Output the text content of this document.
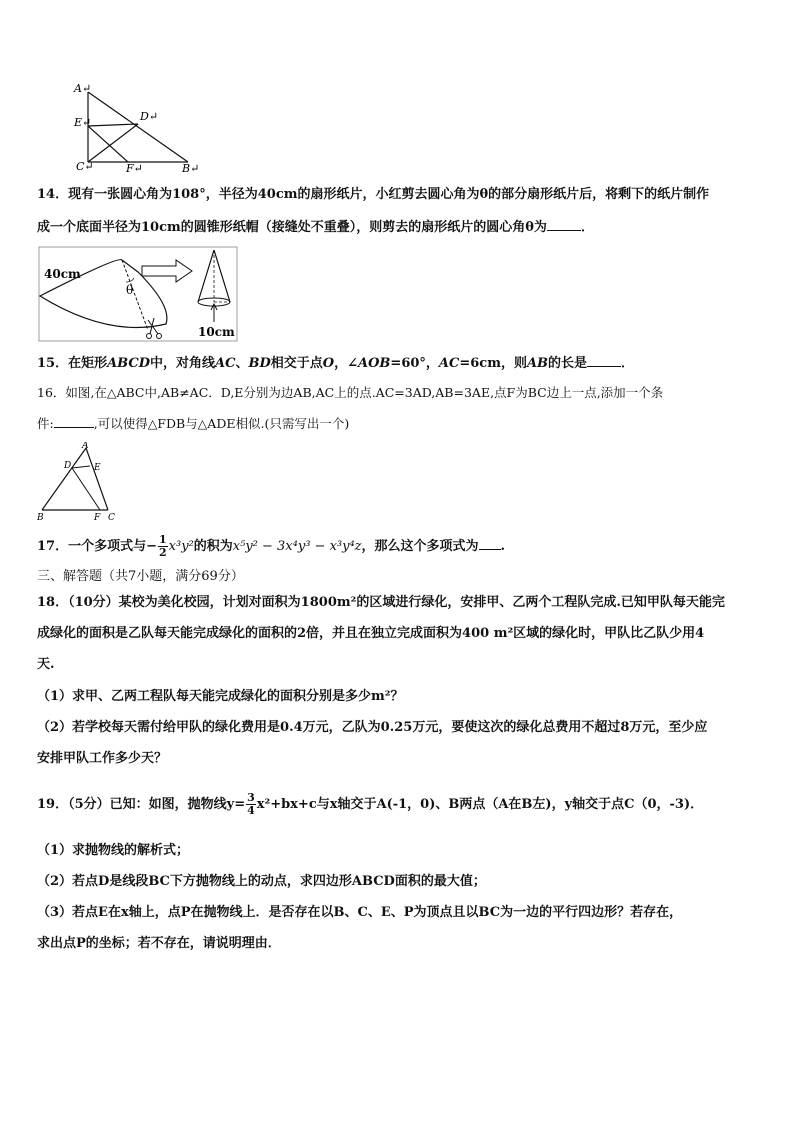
A↵
D↵
E↵
C↵	F↵	B↵
14．现有一张圆心角为108°，半径为40cm的扇形纸片，小红剪去圆心角为θ的部分扇形纸片后，将剩下的纸片制作
成一个底面半径为10cm的圆锥形纸帽（接缝处不重叠），则剪去的扇形纸片的圆心角θ为	．
40cm
θ
10cm
15．在矩形ABCD中，对角线AC、BD相交于点O，∠AOB=60°，AC=6cm，则AB的长是	．
16．如图,在△ABC中,AB≠AC．D,E分别为边AB,AC上的点.AC=3AD,AB=3AE,点F为BC边上一点,添加一个条
件:	,可以使得△FDB与△ADE相似.(只需写出一个)
A
D	E
B	F C
17．一个多项式与− $\frac{1}{2} x^3y^2$的积为x⁵y² − 3x⁴y³ − x³y⁴z，那么这个多项式为 .
三、解答题（共7小题，满分69分）
18．（10分）某校为美化校园，计划对面积为1800m²的区域进行绿化，安排甲、乙两个工程队完成.已知甲队每天能完
成绿化的面积是乙队每天能完成绿化的面积的2倍，并且在独立完成面积为400 m²区域的绿化时，甲队比乙队少用4
天.
（1）求甲、乙两工程队每天能完成绿化的面积分别是多少m²？
（2）若学校每天需付给甲队的绿化费用是0.4万元，乙队为0.25万元，要使这次的绿化总费用不超过8万元，至少应
安排甲队工作多少天？
19．（5分）已知：如图，抛物线$y= \frac{3}{4} x^2+bx+c$与x轴交于A(-1，0)、B两点（A在B左)，y轴交于点C（0，-3)．
（1）求抛物线的解析式；
（2）若点D是线段BC下方抛物线上的动点，求四边形ABCD面积的最大值；
（3）若点E在x轴上，点P在抛物线上．是否存在以B、C、E、P为顶点且以BC为一边的平行四边形？若存在，
求出点P的坐标；若不存在，请说明理由．
